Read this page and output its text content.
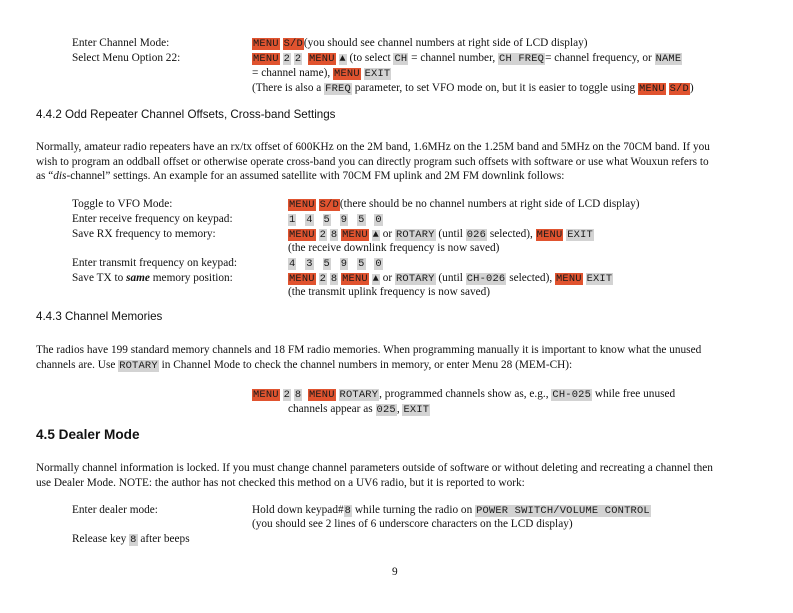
Enter Channel Mode:	MENU S/D(you should see channel numbers at right side of LCD display)
Select Menu Option 22:	MENU 2 2 MENU ▲ (to select CH = channel number, CH FREQ= channel frequency, or NAME
= channel name), MENU EXIT
(There is also a FREQ parameter, to set VFO mode on, but it is easier to toggle using MENU S/D)
4.4.2 Odd Repeater Channel Offsets, Cross-band Settings
Normally, amateur radio repeaters have an rx/tx offset of 600KHz on the 2M band, 1.6MHz on the 1.25M band and 5MHz on the 70CM band. If you
wish to program an oddball offset or otherwise operate cross-band you can directly program such offsets with software or use what Wouxun refers to
as “dis-channel” settings. An example for an assumed satellite with 70CM FM uplink and 2M FM downlink follows:
Toggle to VFO Mode:	MENU S/D(there should be no channel numbers at right side of LCD display)
Enter receive frequency on keypad:	1 4 5 9 5 0
Save RX frequency to memory:	MENU 2 8 MENU ▲ or ROTARY (until 026 selected), MENU EXIT
(the receive downlink frequency is now saved)
Enter transmit frequency on keypad:	4 3 5 9 5 0
Save TX to same memory position:	MENU 2 8 MENU ▲ or ROTARY (until CH-026 selected), MENU EXIT
(the transmit uplink frequency is now saved)
4.4.3 Channel Memories
The radios have 199 standard memory channels and 18 FM radio memories. When programming manually it is important to know what the unused
channels are. Use ROTARY in Channel Mode to check the channel numbers in memory, or enter Menu 28 (MEM-CH):
MENU 2 8 MENU ROTARY, programmed channels show as, e.g., CH-025 while free unused
channels appear as 025, EXIT
4.5 Dealer Mode
Normally channel information is locked. If you must change channel parameters outside of software or without deleting and recreating a channel then
use Dealer Mode. NOTE: the author has not checked this method on a UV6 radio, but it is reported to work:
Enter dealer mode:	Hold down keypad#8 while turning the radio on POWER SWITCH/VOLUME CONTROL
(you should see 2 lines of 6 underscore characters on the LCD display)
Release key 8 after beeps
9
